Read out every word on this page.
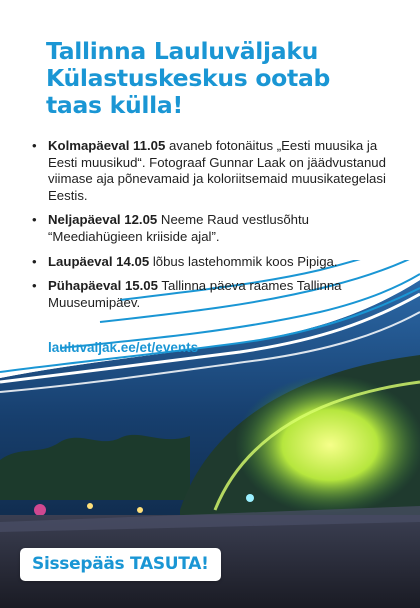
Tallinna Lauluväljaku
Külastuskeskus ootab
taas külla!
• Kolmapäeval 11.05 avaneb fotonäitus „Eesti muusika ja Eesti muusikud“. Fotograaf Gunnar Laak on jäädvustanud viimase aja põnevamaid ja koloriitsemaid muusikategelasi Eestis.
• Neljapäeval 12.05 Neeme Raud vestlusõhtu “Meediahügieen kriiside ajal”.
• Laupäeval 14.05 lõbus lastehommik koos Pipiga.
• Pühapäeval 15.05 Tallinna päeva raames Tallinna Muuseumipäev.
lauluvaljak.ee/et/events
Sissepääs TASUTA!
